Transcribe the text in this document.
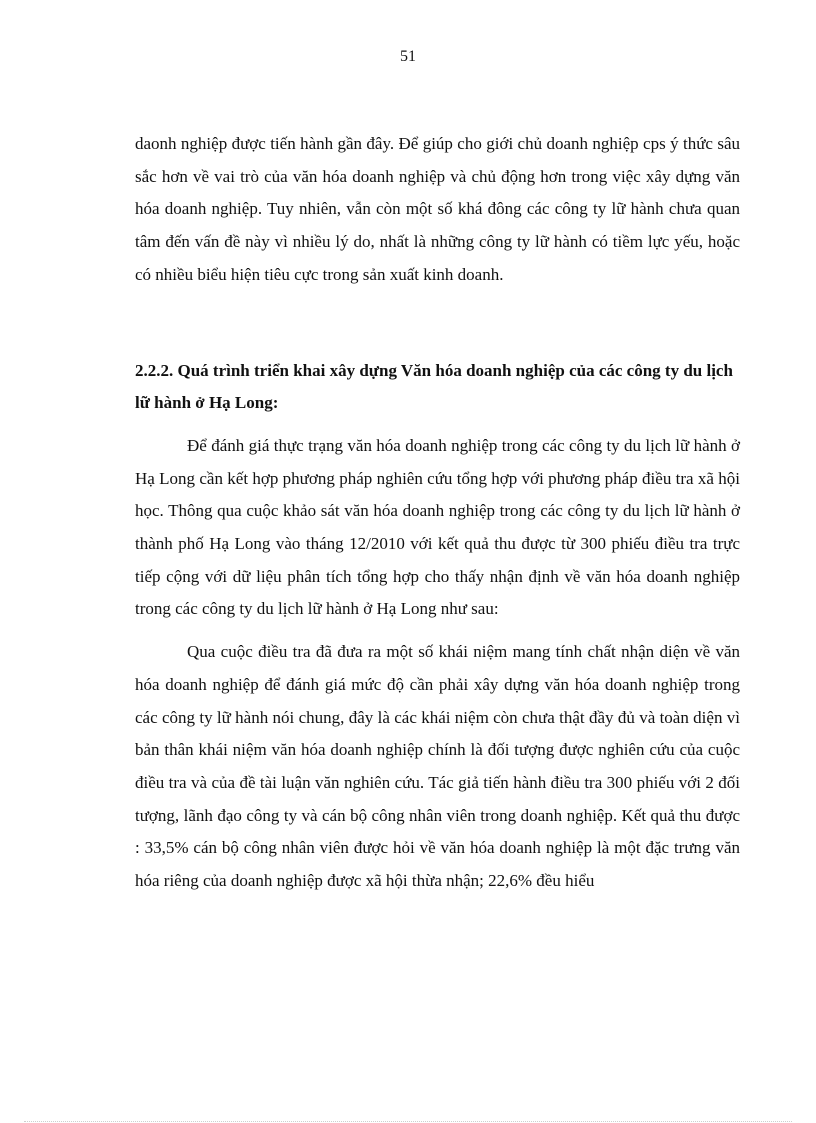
51

daonh nghiệp được tiến hành gần đây. Để giúp cho giới chủ doanh nghiệp cps ý thức sâu sắc hơn về vai trò của văn hóa doanh nghiệp và chủ động hơn trong việc xây dựng văn hóa doanh nghiệp. Tuy nhiên, vẫn còn một số khá đông các công ty lữ hành chưa quan tâm đến vấn đề này vì nhiều lý do, nhất là những công ty lữ hành có tiềm lực yếu, hoặc có nhiều biểu hiện tiêu cực trong sản xuất kinh doanh.

2.2.2. Quá trình triển khai xây dựng Văn hóa doanh nghiệp của các công ty du lịch lữ hành ở Hạ Long:

Để đánh giá thực trạng văn hóa doanh nghiệp trong các công ty du lịch lữ hành ở Hạ Long cần kết hợp phương pháp nghiên cứu tổng hợp với phương pháp điều tra xã hội học. Thông qua cuộc khảo sát văn hóa doanh nghiệp trong các công ty du lịch lữ hành ở thành phố Hạ Long vào tháng 12/2010 với kết quả thu được từ 300 phiếu điều tra trực tiếp cộng với dữ liệu phân tích tổng hợp cho thấy nhận định về văn hóa doanh nghiệp trong các công ty du lịch lữ hành ở Hạ Long như sau:

Qua cuộc điều tra đã đưa ra một số khái niệm mang tính chất nhận diện về văn hóa doanh nghiệp để đánh giá mức độ cần phải xây dựng văn hóa doanh nghiệp trong các công ty lữ hành nói chung, đây là các khái niệm còn chưa thật đầy đủ và toàn diện vì bản thân khái niệm văn hóa doanh nghiệp chính là đối tượng được nghiên cứu của cuộc điều tra và của đề tài luận văn nghiên cứu. Tác giả tiến hành điều tra 300 phiếu với 2 đối tượng, lãnh đạo công ty và cán bộ công nhân viên trong doanh nghiệp. Kết quả thu được : 33,5% cán bộ công nhân viên được hỏi về văn hóa doanh nghiệp là một đặc trưng văn hóa riêng của doanh nghiệp được xã hội thừa nhận; 22,6% đều hiểu
